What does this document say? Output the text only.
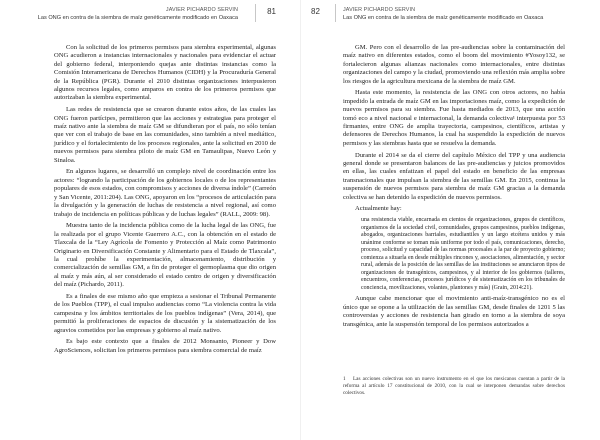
JAVIER PICHARDO SERVIN
Las ONG en contra de la siembra de maíz genéticamente modificado en Oaxaca
81

Con la solicitud de los primeros permisos para siembra experimental, algunas ONG acudieron a instancias internacionales y nacionales para evidenciar el actuar del gobierno federal, interponiendo quejas ante distintas instancias como la Comisión Interamericana de Derechos Humanos (CIDH) y la Procuraduría General de la República (PGR). Durante el 2010 distintas organizaciones interpusieron algunos recursos legales, como amparos en contra de los primeros permisos que autorizaban la siembra experimental.

Las redes de resistencia que se crearon durante estos años, de las cuales las ONG fueron partícipes, permitieron que las acciones y estrategias para proteger el maíz nativo ante la siembra de maíz GM se difundieran por el país, no sólo tenían que ver con el trabajo de base en las comunidades, sino también a nivel mediático, jurídico y el fortalecimiento de los procesos regionales, ante la solicitud en 2010 de nuevos permisos para siembra piloto de maíz GM en Tamaulipas, Nuevo León y Sinaloa.

En algunos lugares, se desarrolló un complejo nivel de coordinación entre los actores: “logrando la participación de los gobiernos locales o de los representantes populares de esos estados, con compromisos y acciones de diversa índole” (Carreón y San Vicente, 2011:204). Las ONG, apoyaron en los “procesos de articulación para la divulgación y la generación de luchas de resistencia a nivel regional, así como trabajo de incidencia en políticas públicas y de luchas legales” (RALL, 2009: 98).

Muestra tanto de la incidencia pública como de la lucha legal de las ONG, fue la realizada por el grupo Vicente Guerrero A.C., con la obtención en el estado de Tlaxcala de la “Ley Agrícola de Fomento y Protección al Maíz como Patrimonio Originario en Diversificación Constante y Alimentario para el Estado de Tlaxcala”, la cual prohíbe la experimentación, almacenamiento, distribución y comercialización de semillas GM, a fin de proteger el germoplasma que dio origen al maíz y más aún, al ser considerado el estado centro de origen y diversificación del maíz (Pichardo, 2011).

Es a finales de ese mismo año que empieza a sesionar el Tribunal Permanente de los Pueblos (TPP), el cual impulso audiencias como “La violencia contra la vida campesina y los ámbitos territoriales de los pueblos indígenas” (Vera, 2014), que permitió la proliferaciones de espacios de discusión y la sistematización de los agravios cometidos por las empresas y gobierno al maíz nativo.

Es bajo este contexto que a finales de 2012 Monsanto, Pioneer y Dow AgroSciences, solicitan los primeros permisos para siembra comercial de maíz

82	JAVIER PICHARDO SERVIN
Las ONG en contra de la siembra de maíz genéticamente modificado en Oaxaca

GM. Pero con el desarrollo de las pre-audiencias sobre la contaminación del maíz nativo en diferentes estados, como el boom del movimiento #Yosoy132, se fortalecieron algunas alianzas nacionales como internacionales, entre distintas organizaciones del campo y la ciudad, promoviendo una reflexión más amplia sobre los riesgos de la agricultura mexicana de la siembra de maíz GM.

Hasta este momento, la resistencia de las ONG con otros actores, no había impedido la entrada de maíz GM en las importaciones maíz, como la expedición de nuevos permisos para su siembra. Fue hasta mediados de 2013, que una acción tomó eco a nivel nacional e internacional, la demanda colectiva¹ interpuesta por 53 firmantes, entre ONG de amplia trayectoria, campesinos, científicos, artistas y defensores de Derechos Humanos, la cual ha suspendido la expedición de nuevos permisos y las siembras hasta que se resuelva la demanda.

Durante el 2014 se da el cierre del capítulo México del TPP y una audiencia general donde se presentaron balances de las pre-audiencias y juicios promovidos en ellas, las cuales enfatizan el papel del estado en beneficio de las empresas transnacionales que impulsan la siembra de las semillas GM. En 2015, continua la suspensión de nuevos permisos para siembra de maíz GM gracias a la demanda colectiva se han detenido la expedición de nuevos permisos.

Actualmente hay:

una resistencia viable, encarnada en cientos de organizaciones, grupos de científicos, organismos de la sociedad civil, comunidades, grupos campesinos, pueblos indígenas, abogados, organizaciones barriales, estudiantiles y un largo etcétera unidos y más unánime conforme se toman más uniforme por todo el país, comunicaciones, derecho, proceso, solicitud y capacidad de las normas procesales a la par de proyecto gobierno; comienza a situarla en desde múltiples rincones y, asociaciones, alimentación, y sector rural, además de la posición de las semillas de las instituciones se anunciaron tipos de organizaciones de transgénicos, campesinos, y al interior de los gobiernos (talleres, encuentros, conferencias, procesos jurídicos y de sistematización en los tribunales de conciencia, movilizaciones, volantes, plantones y más) (Grain, 2014:21).

Aunque cabe mencionar que el movimiento anti-maíz-transgénico no es el único que se opone a la utilización de las semillas GM, desde finales de 1201 5 las controversias y acciones de resistencia han girado en torno a la siembra de soya transgénica, ante la suspensión temporal de los permisos autorizados a

1 Las acciones colectivas son un nuevo instrumento en el que los mexicanos cuentan a partir de la reforma al artículo 17 constitucional de 2010, con la cual se interponen demandas sobre derechos colectivos.
